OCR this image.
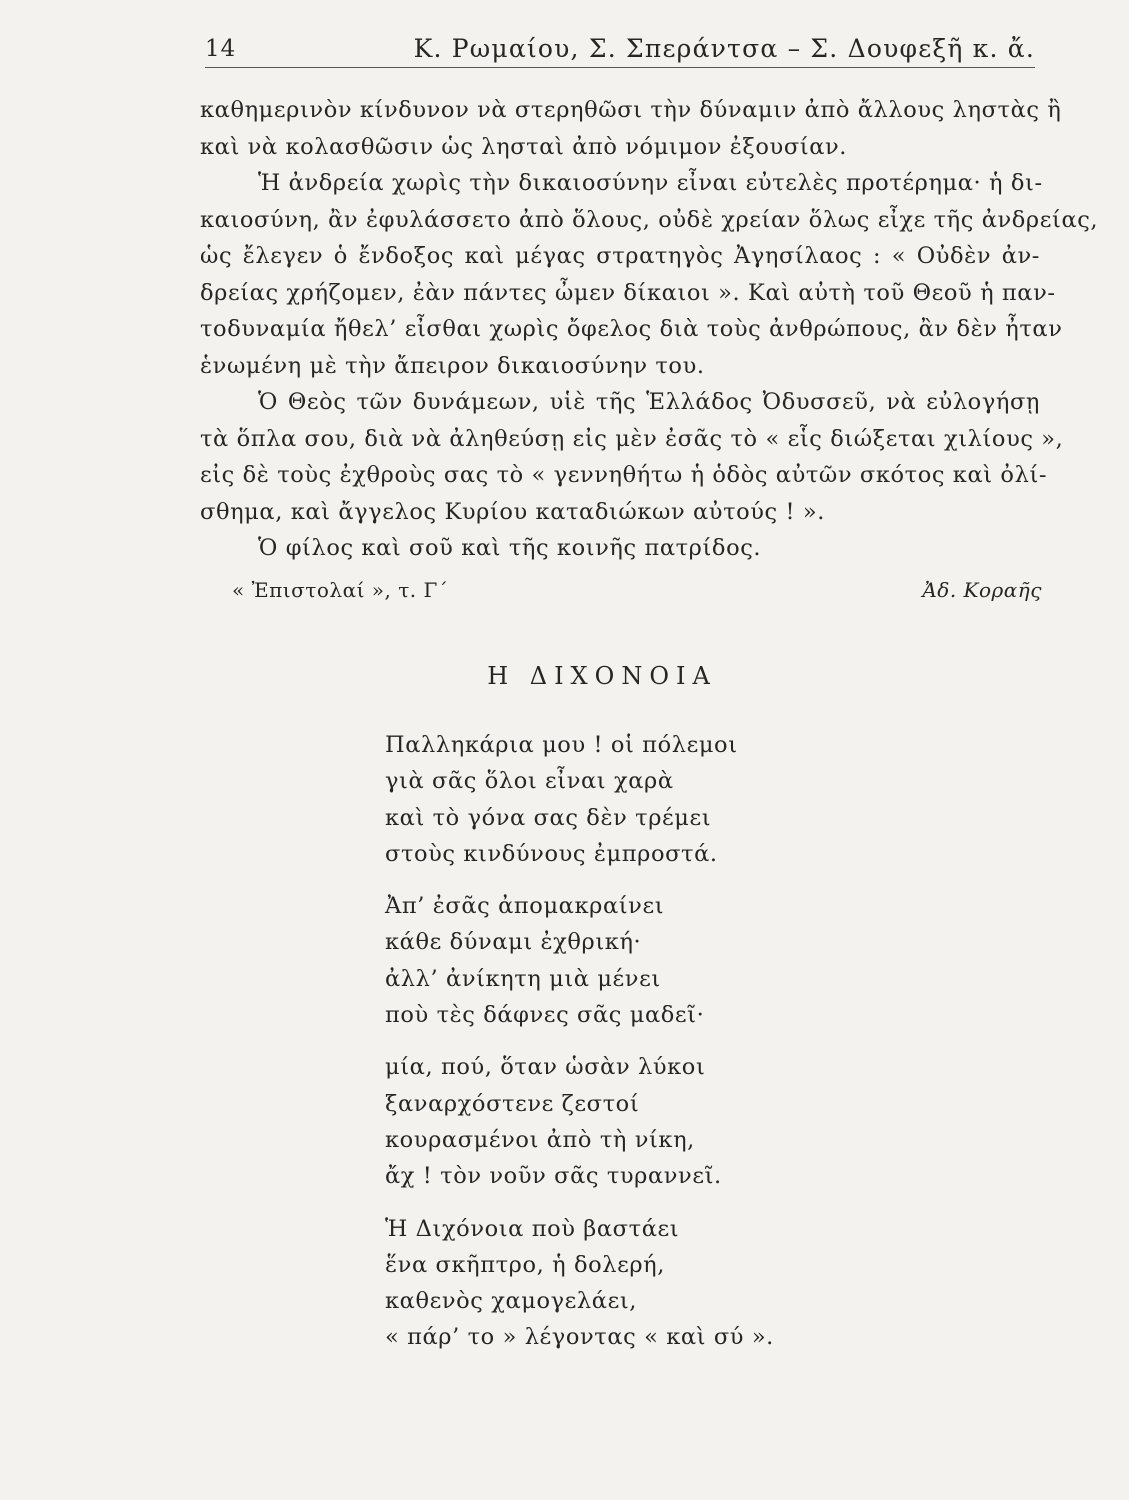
14	Κ. Ρωμαίου, Σ. Σπεράντσα – Σ. Δουφεξῆ κ. ἄ.

καθημερινὸν κίνδυνον νὰ στερηθῶσι τὴν δύναμιν ἀπὸ ἄλλους ληστὰς ἢ

καὶ νὰ κολασθῶσιν ὡς λησταὶ ἀπὸ νόμιμον ἐξουσίαν.

Ἡ ἀνδρεία χωρὶς τὴν δικαιοσύνην εἶναι εὐτελὲς προτέρημα· ἡ δι-

καιοσύνη, ἂν ἐφυλάσσετο ἀπὸ ὅλους, οὐδὲ χρείαν ὅλως εἶχε τῆς ἀνδρείας,

ὡς ἔλεγεν ὁ ἔνδοξος καὶ μέγας στρατηγὸς Ἀγησίλαος : « Οὐδὲν ἀν-

δρείας χρήζομεν, ἐὰν πάντες ὦμεν δίκαιοι ». Καὶ αὐτὴ τοῦ Θεοῦ ἡ παν-

τοδυναμία ἤθελ’ εἶσθαι χωρὶς ὄφελος διὰ τοὺς ἀνθρώπους, ἂν δὲν ἦταν

ἑνωμένη μὲ τὴν ἄπειρον δικαιοσύνην του.

Ὁ Θεὸς τῶν δυνάμεων, υἱὲ τῆς Ἑλλάδος Ὀδυσσεῦ, νὰ εὐλογήσῃ

τὰ ὅπλα σου, διὰ νὰ ἀληθεύσῃ εἰς μὲν ἐσᾶς τὸ « εἷς διώξεται χιλίους »,

εἰς δὲ τοὺς ἐχθροὺς σας τὸ « γεννηθήτω ἡ ὁδὸς αὐτῶν σκότος καὶ ὀλί-

σθημα, καὶ ἄγγελος Κυρίου καταδιώκων αὐτούς ! ».

Ὁ φίλος καὶ σοῦ καὶ τῆς κοινῆς πατρίδος.

« Ἐπιστολαί », τ. Γ΄	Ἀδ. Κοραῆς
Η ΔΙΧΟΝΟΙΑ
Παλληκάρια μου ! οἱ πόλεμοι
γιὰ σᾶς ὅλοι εἶναι χαρὰ
καὶ τὸ γόνα σας δὲν τρέμει
στοὺς κινδύνους ἐμπροστά.
Ἀπ’ ἐσᾶς ἀπομακραίνει
κάθε δύναμι ἐχθρική·
ἀλλ’ ἀνίκητη μιὰ μένει
ποὺ τὲς δάφνες σᾶς μαδεῖ·
μία, πού, ὅταν ὡσὰν λύκοι
ξαναρχόστενε ζεστοί
κουρασμένοι ἀπὸ τὴ νίκη,
ἄχ ! τὸν νοῦν σᾶς τυραννεῖ.
Ἡ Διχόνοια ποὺ βαστάει
ἕνα σκῆπτρο, ἡ δολερή,
καθενὸς χαμογελάει,
« πάρ’ το » λέγοντας « καὶ σύ ».
